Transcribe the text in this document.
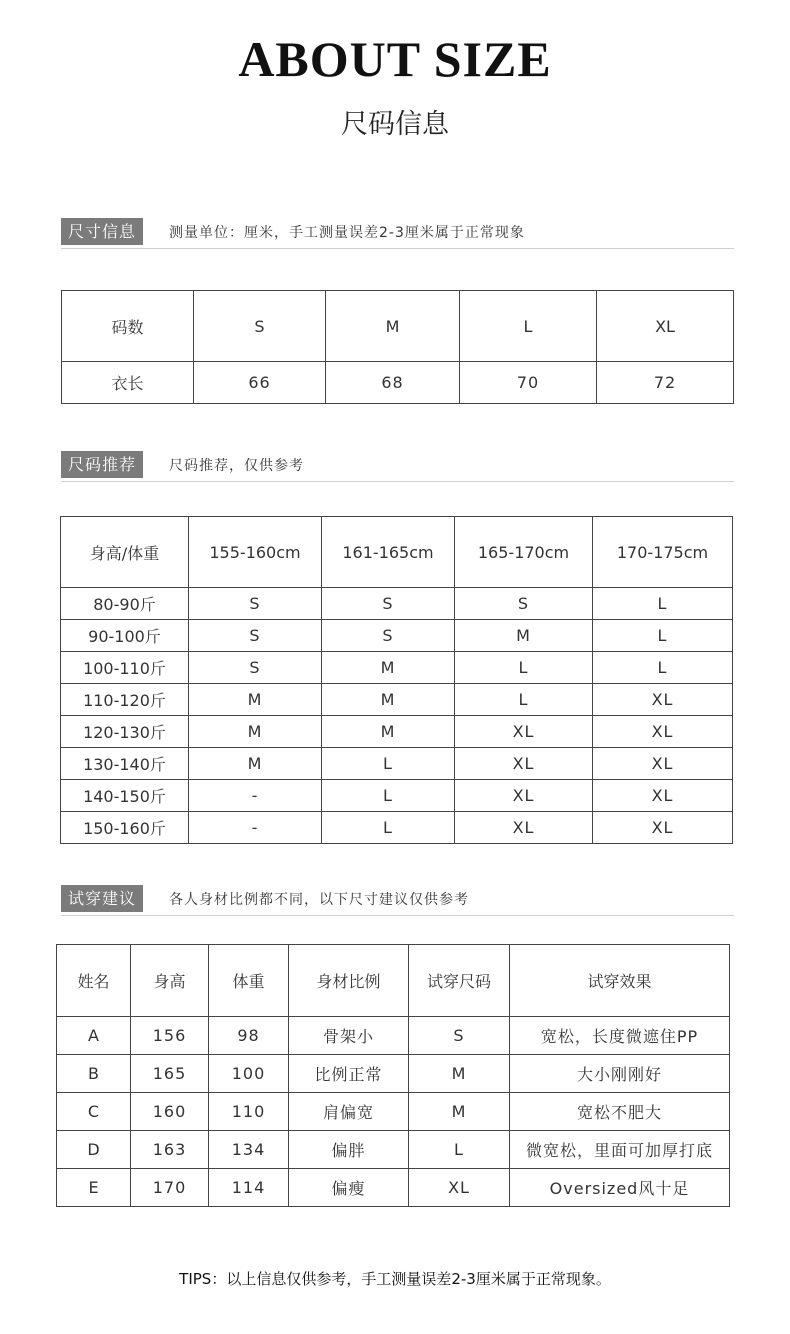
ABOUT SIZE
尺码信息
尺寸信息	测量单位：厘米，手工测量误差2-3厘米属于正常现象
码数	S	M	L	XL
衣长	66	68	70	72
尺码推荐	尺码推荐，仅供参考
身高/体重	155-160cm	161-165cm	165-170cm	170-175cm
80-90斤	S	S	S	L
90-100斤	S	S	M	L
100-110斤	S	M	L	L
110-120斤	M	M	L	XL
120-130斤	M	M	XL	XL
130-140斤	M	L	XL	XL
140-150斤	-	L	XL	XL
150-160斤	-	L	XL	XL
试穿建议	各人身材比例都不同，以下尺寸建议仅供参考
姓名	身高	体重	身材比例	试穿尺码	试穿效果
A	156	98	骨架小	S	宽松，长度微遮住PP
B	165	100	比例正常	M	大小刚刚好
C	160	110	肩偏宽	M	宽松不肥大
D	163	134	偏胖	L	微宽松，里面可加厚打底
E	170	114	偏瘦	XL	Oversized风十足
TIPS：以上信息仅供参考，手工测量误差2-3厘米属于正常现象。
